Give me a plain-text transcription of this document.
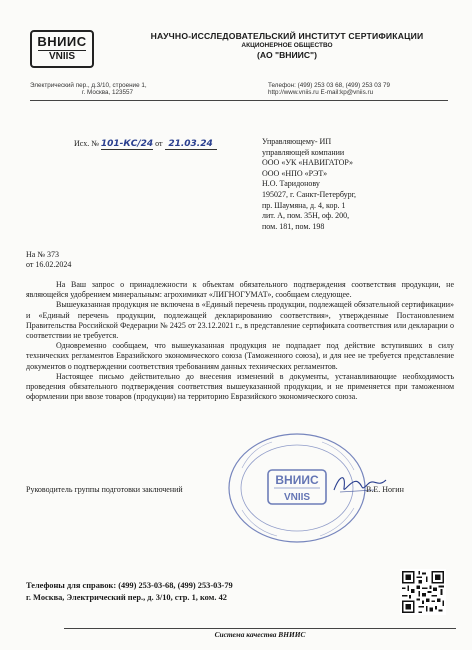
ВНИИС
VNIIS
НАУЧНО-ИССЛЕДОВАТЕЛЬСКИЙ ИНСТИТУТ СЕРТИФИКАЦИИ
АКЦИОНЕРНОЕ ОБЩЕСТВО
(АО "ВНИИС")
Электрический пер., д.3/10, строение 1,
г. Москва, 123557
Телефон: (499) 253 03 68, (499) 253 03 79
http://www.vniis.ru E-mail:kp@vniis.ru
Исх. № 101-КС/24 от 21.03.24	Управляющему- ИП
управляющей компании
ООО «УК «НАВИГАТОР»
ООО «НПО «РЭТ»
Н.О. Таридонову
195027, г. Санкт-Петербург,
пр. Шаумяна, д. 4, кор. 1
лит. А, пом. 35Н, оф. 200,
пом. 181, пом. 198
На № 373
от 16.02.2024

На Ваш запрос о принадлежности к объектам обязательного подтверждения соответствия продукции, не являющейся удобрением минеральным: агрохимикат «ЛИГНОГУМАТ», сообщаем следующее.

Вышеуказанная продукция не включена в «Единый перечень продукции, подлежащей обязательной сертификации» и «Единый перечень продукции, подлежащей декларированию соответствия», утвержденные Постановлением Правительства Российской Федерации № 2425 от 23.12.2021 г., в представление сертификата соответствия или декларации о соответствии не требуется.

Одновременно сообщаем, что вышеуказанная продукция не подпадает под действие вступивших в силу технических регламентов Евразийского экономического союза (Таможенного союза), и для нее не требуется представление документов о подтверждении соответствия требованиям данных технических регламентов.

Настоящее письмо действительно до внесения изменений в документы, устанавливающие необходимость проведения обязательного подтверждения соответствия вышеуказанной продукции, и не применяется при таможенном оформлении при ввозе товаров (продукции) на территорию Евразийского экономического союза.

ВНИИС
VNIIS
Руководитель группы подготовки заключений	В.Е. Ногин
Телефоны для справок: (499) 253-03-68, (499) 253-03-79
г. Москва, Электрический пер., д. 3/10, стр. 1, ком. 42
Система качества ВНИИС
